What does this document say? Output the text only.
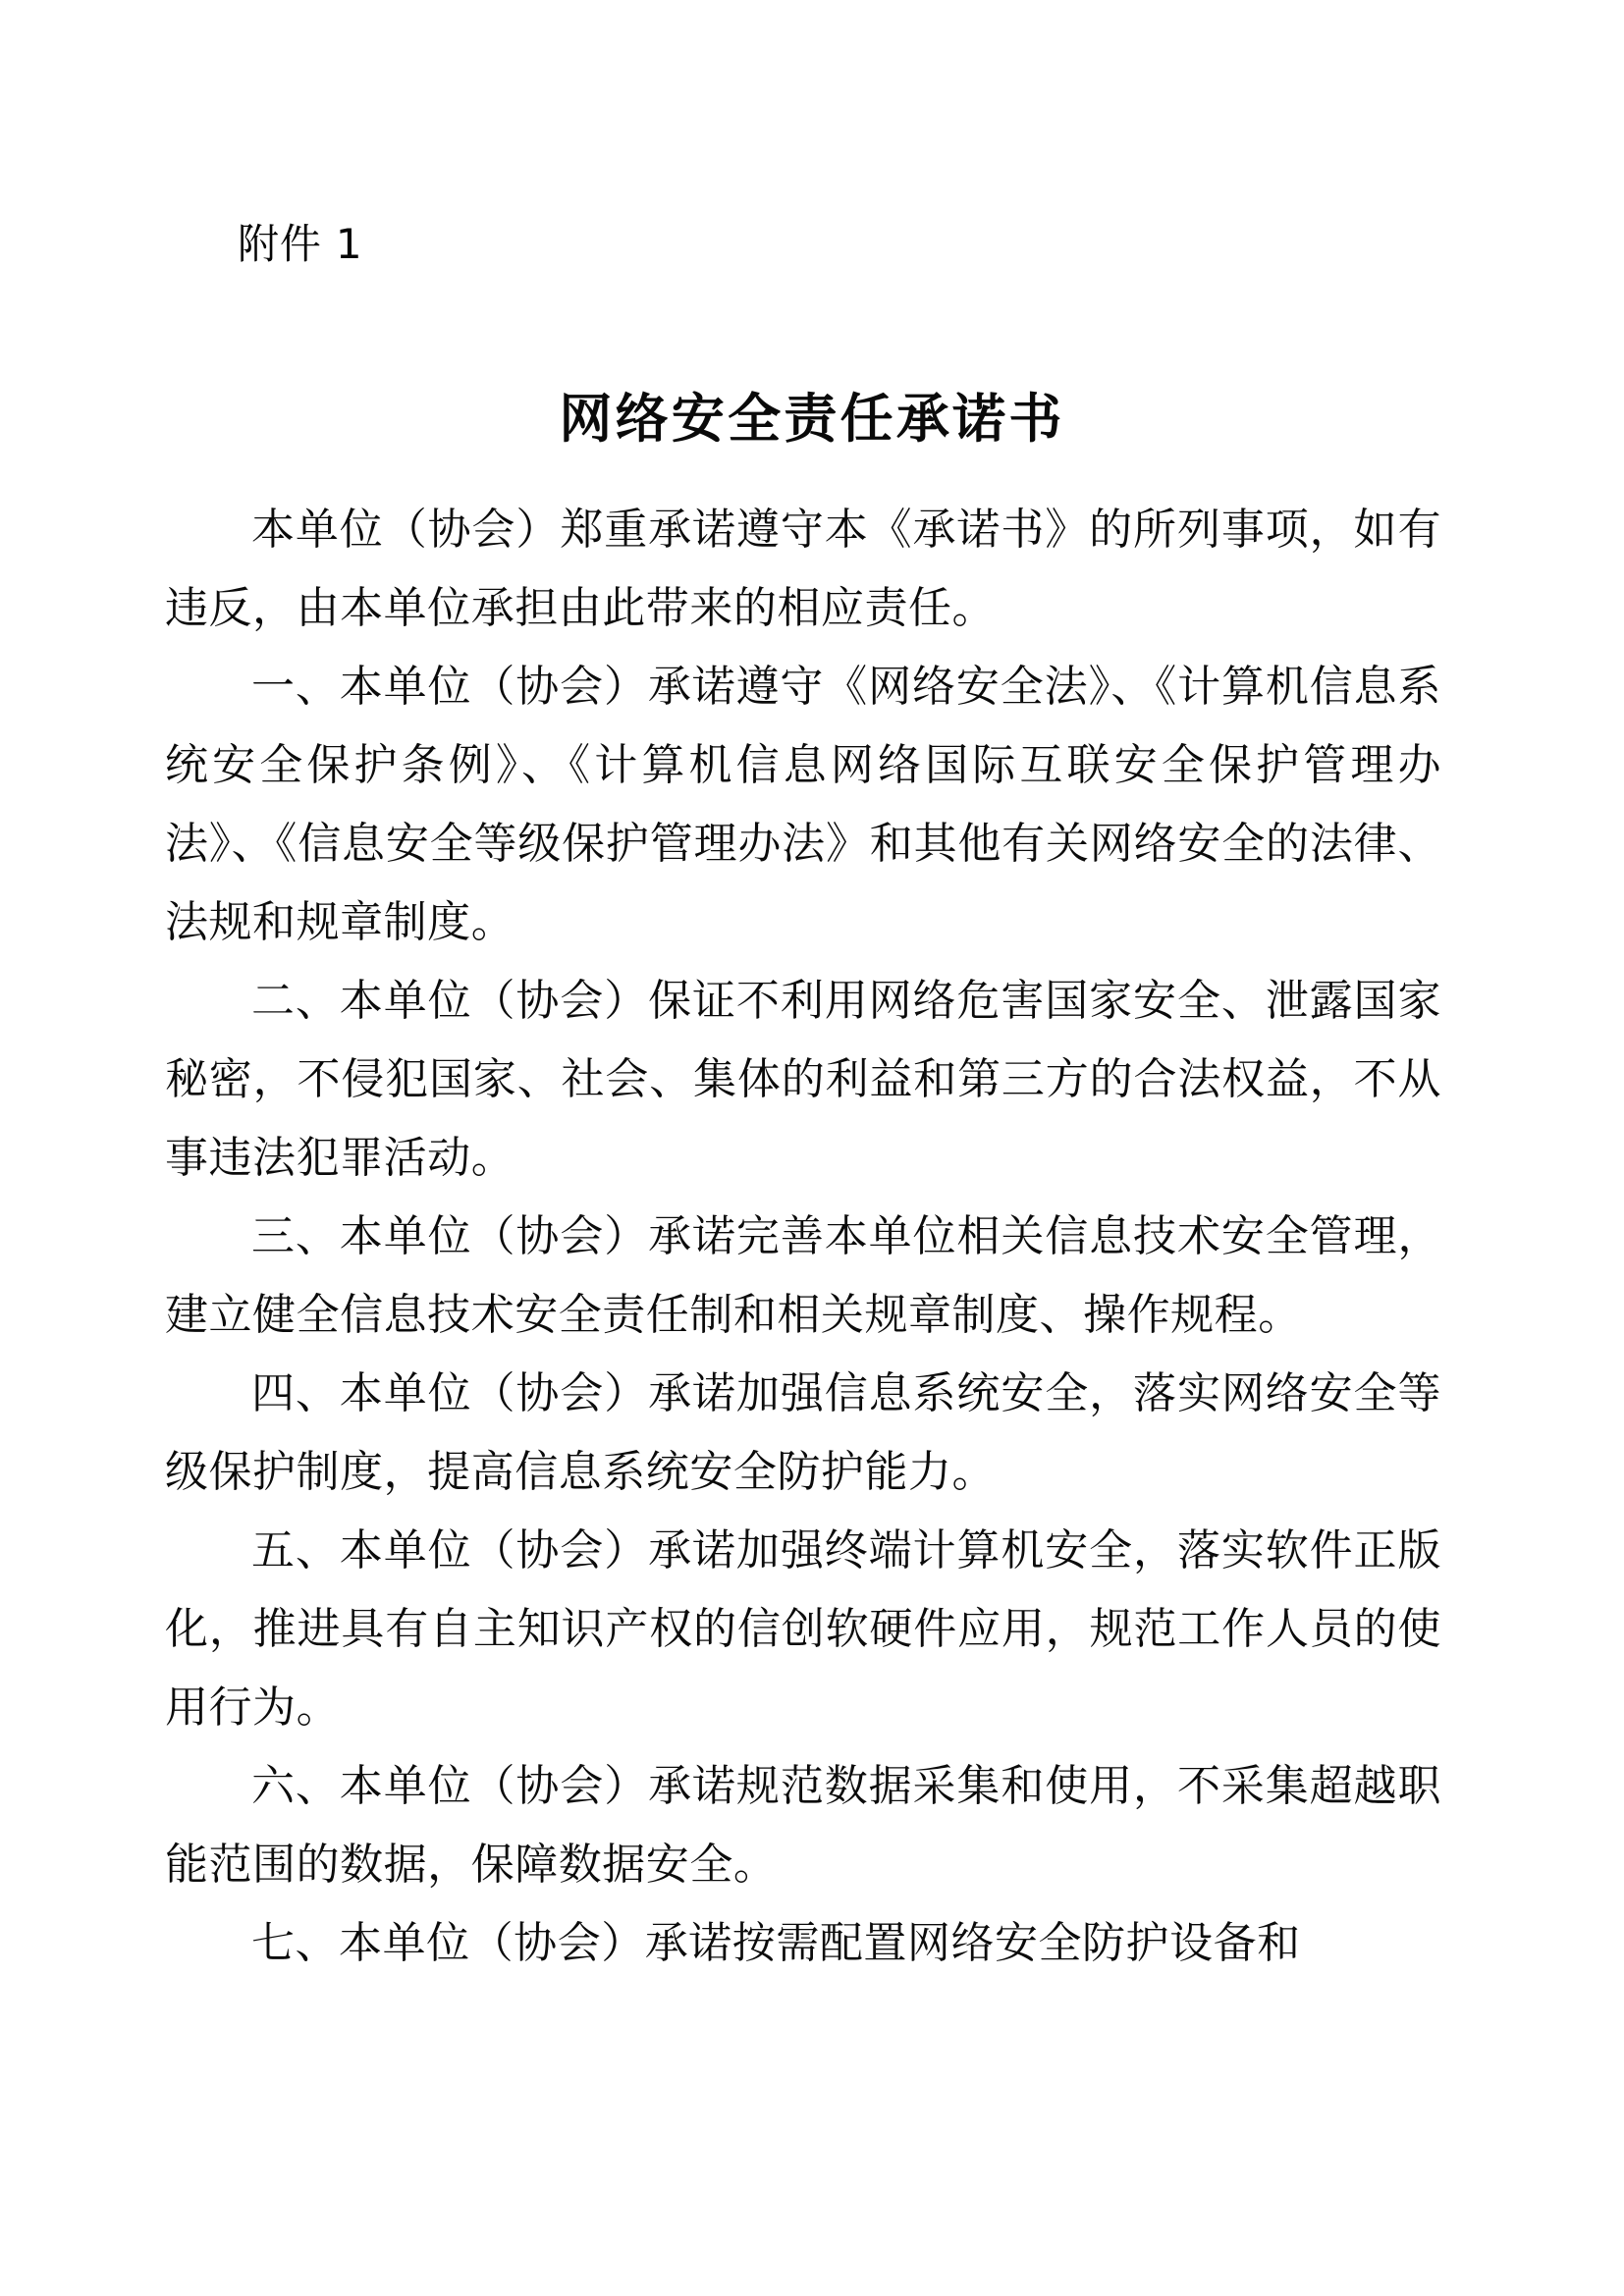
附件 1
网络安全责任承诺书

本单位（协会）郑重承诺遵守本《承诺书》的所列事项，如有违反，由本单位承担由此带来的相应责任。

一、本单位（协会）承诺遵守《网络安全法》、《计算机信息系统安全保护条例》、《计算机信息网络国际互联安全保护管理办法》、《信息安全等级保护管理办法》和其他有关网络安全的法律、法规和规章制度。

二、本单位（协会）保证不利用网络危害国家安全、泄露国家秘密，不侵犯国家、社会、集体的利益和第三方的合法权益，不从事违法犯罪活动。

三、本单位（协会）承诺完善本单位相关信息技术安全管理，建立健全信息技术安全责任制和相关规章制度、操作规程。

四、本单位（协会）承诺加强信息系统安全，落实网络安全等级保护制度，提高信息系统安全防护能力。

五、本单位（协会）承诺加强终端计算机安全，落实软件正版化，推进具有自主知识产权的信创软硬件应用，规范工作人员的使用行为。

六、本单位（协会）承诺规范数据采集和使用，不采集超越职能范围的数据，保障数据安全。

七、本单位（协会）承诺按需配置网络安全防护设备和
